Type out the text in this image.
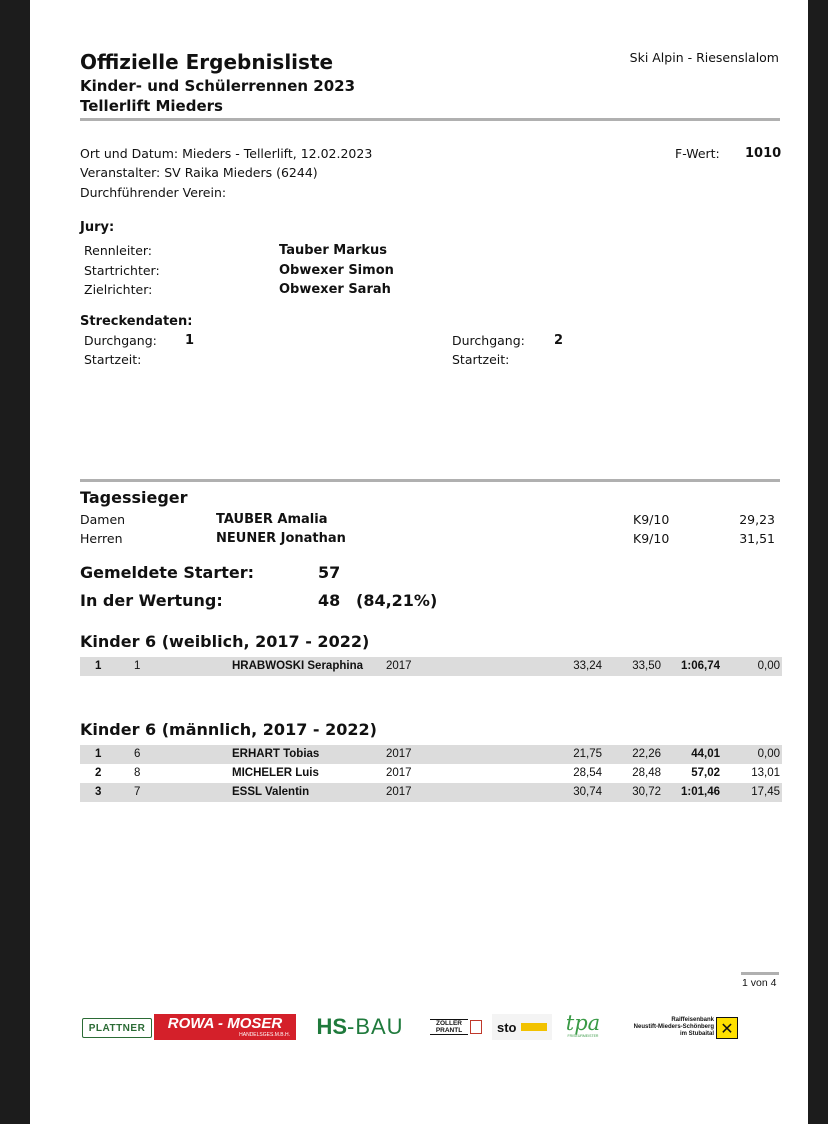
Offizielle Ergebnisliste
Kinder- und Schülerrennen 2023
Tellerlift Mieders
Ski Alpin - Riesenslalom
Ort und Datum: Mieders - Tellerlift, 12.02.2023
Veranstalter: SV Raika Mieders (6244)
Durchführender Verein:
F-Wert: 1010
Jury:
Rennleiter:	Tauber Markus
Startrichter:	Obwexer Simon
Zielrichter:	Obwexer Sarah
Streckendaten:
Durchgang: 1
Startzeit:
Durchgang: 2
Startzeit:
Tagessieger
Damen	TAUBER Amalia	K9/10	29,23
Herren	NEUNER Jonathan	K9/10	31,51
Gemeldete Starter:	57
In der Wertung:	48 (84,21%)
Kinder 6 (weiblich, 2017 - 2022)
1	1	HRABWOSKI Seraphina 2017	33,24	33,50 1:06,74	0,00
Kinder 6 (männlich, 2017 - 2022)
1	6	ERHART Tobias	2017	21,75	22,26	44,01	0,00
2	8	MICHELER Luis	2017	28,54	28,48	57,02	13,01
3	7	ESSL Valentin	2017	30,74	30,72 1:01,46	17,45
1 von 4
PLATTNER	ROWA - MOSER
HANDELSGES.M.B.H. HS -BAU	ZOLLER PRANTL	sto tpa
FRISEURMEISTER
Raiffeisenbank
Neustift-Mieders-Schönberg
im Stubaital ✕
